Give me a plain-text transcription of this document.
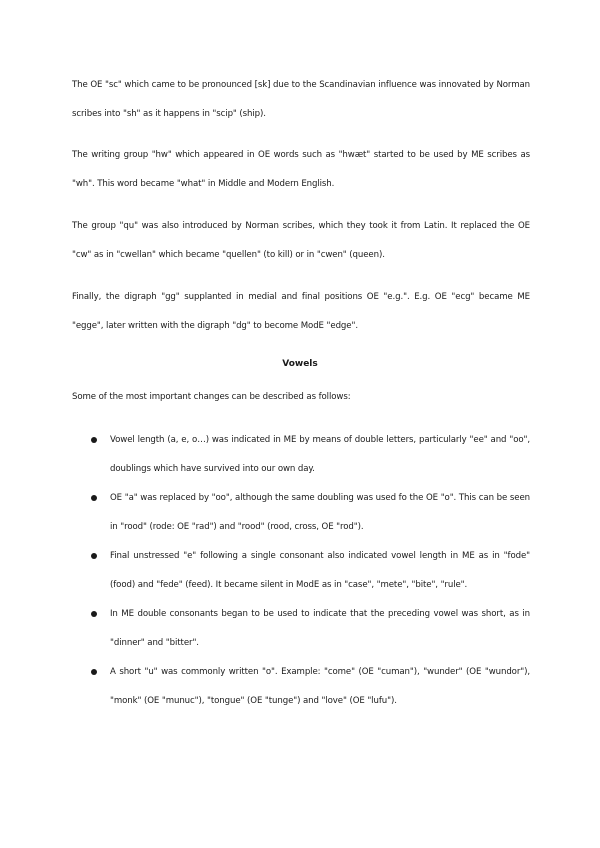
The OE "sc" which came to be pronounced [sk] due to the Scandinavian influence was innovated by Norman scribes into "sh" as it happens in "scip" (ship).

The writing group "hw" which appeared in OE words such as "hwæt" started to be used by ME scribes as "wh". This word became "what" in Middle and Modern English.

The group "qu" was also introduced by Norman scribes, which they took it from Latin. It replaced the OE "cw" as in "cwellan" which became "quellen" (to kill) or in "cwen" (queen).

Finally, the digraph "gg" supplanted in medial and final positions OE "e.g.". E.g. OE "ecg" became ME "egge", later written with the digraph "dg" to become ModE "edge".

Vowels

Some of the most important changes can be described as follows:

Vowel length (a, e, o…) was indicated in ME by means of double letters, particularly "ee" and "oo", doublings which have survived into our own day.
OE "a" was replaced by "oo", although the same doubling was used fo the OE "o". This can be seen in "rood" (rode: OE "rad") and "rood" (rood, cross, OE "rod").
Final unstressed "e" following a single consonant also indicated vowel length in ME as in "fode" (food) and "fede" (feed). It became silent in ModE as in "case", "mete", "bite", "rule".
In ME double consonants began to be used to indicate that the preceding vowel was short, as in "dinner" and "bitter".
A short "u" was commonly written "o". Example: "come" (OE "cuman"), "wunder" (OE "wundor"), "monk" (OE "munuc"), "tongue" (OE "tunge") and "love" (OE "lufu").
